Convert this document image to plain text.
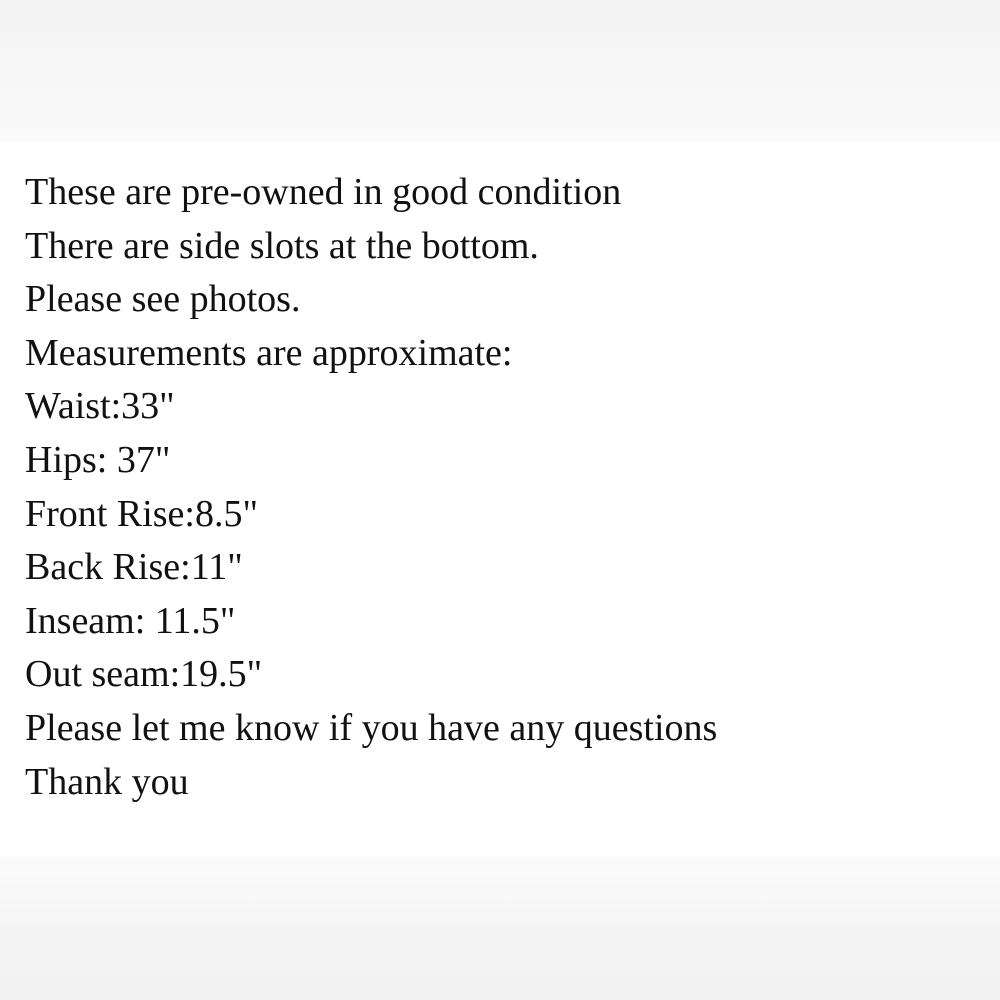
These are pre-owned in good condition
There are side slots at the bottom.
Please see photos.
Measurements are approximate:
Waist:33"
Hips: 37"
Front Rise:8.5"
Back Rise:11"
Inseam: 11.5"
Out seam:19.5"
Please let me know if you have any questions
Thank you
